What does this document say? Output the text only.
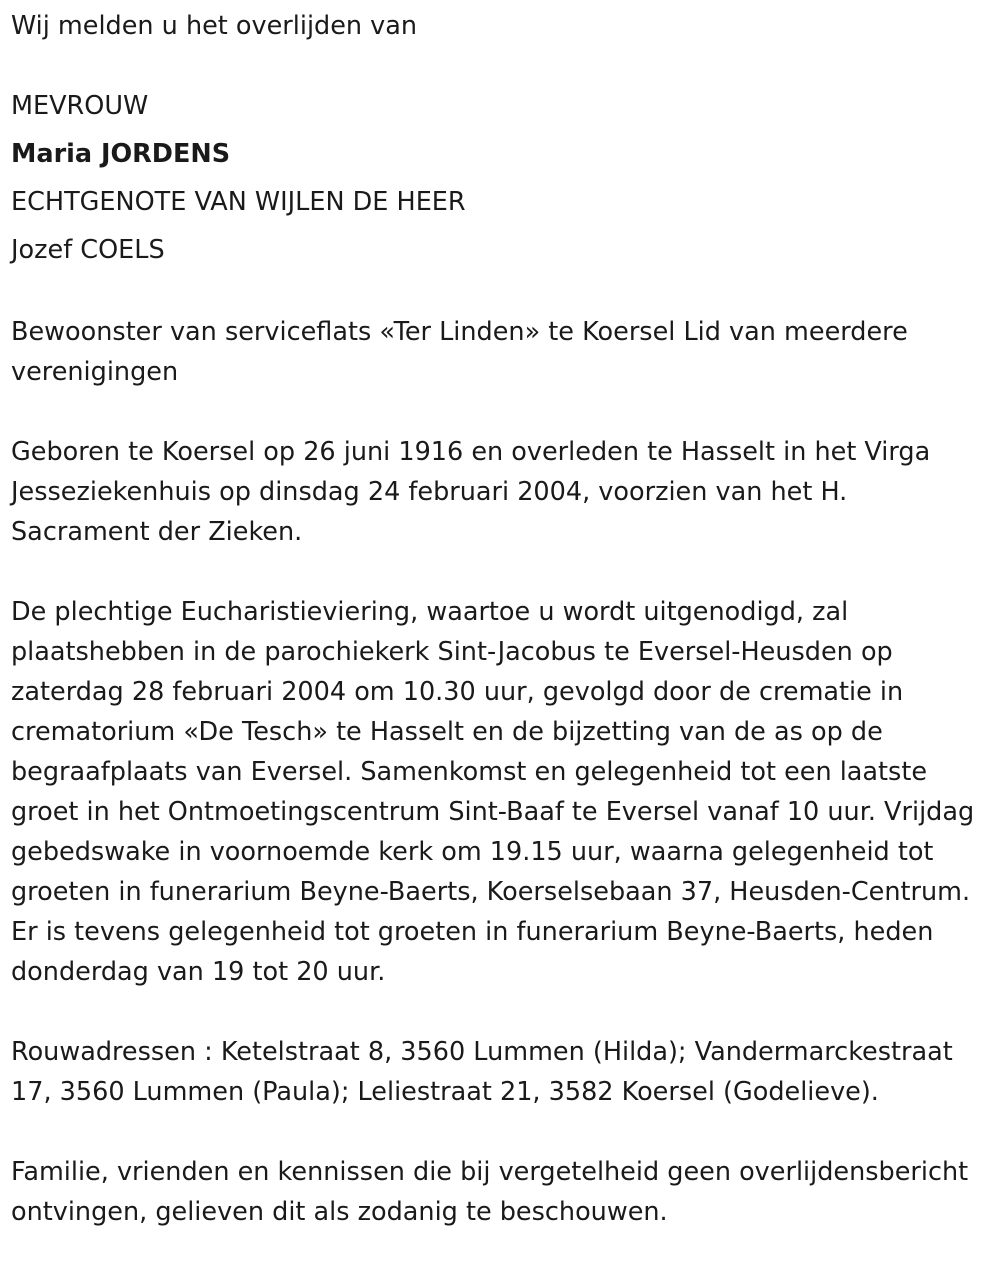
Wij melden u het overlijden van

MEVROUW
Maria JORDENS
ECHTGENOTE VAN WIJLEN DE HEER
Jozef COELS

Bewoonster van serviceflats «Ter Linden» te Koersel Lid van meerdere verenigingen

Geboren te Koersel op 26 juni 1916 en overleden te Hasselt in het Virga Jesseziekenhuis op dinsdag 24 februari 2004, voorzien van het H. Sacrament der Zieken.

De plechtige Eucharistieviering, waartoe u wordt uitgenodigd, zal plaatshebben in de parochiekerk Sint-Jacobus te Eversel-Heusden op zaterdag 28 februari 2004 om 10.30 uur, gevolgd door de crematie in crematorium «De Tesch» te Hasselt en de bijzetting van de as op de begraafplaats van Eversel. Samenkomst en gelegenheid tot een laatste groet in het Ontmoetingscentrum Sint-Baaf te Eversel vanaf 10 uur. Vrijdag gebedswake in voornoemde kerk om 19.15 uur, waarna gelegenheid tot groeten in funerarium Beyne-Baerts, Koerselsebaan 37, Heusden-Centrum. Er is tevens gelegenheid tot groeten in funerarium Beyne-Baerts, heden donderdag van 19 tot 20 uur.

Rouwadressen : Ketelstraat 8, 3560 Lummen (Hilda); Vandermarckestraat 17, 3560 Lummen (Paula); Leliestraat 21, 3582 Koersel (Godelieve).

Familie, vrienden en kennissen die bij vergetelheid geen overlijdensbericht ontvingen, gelieven dit als zodanig te beschouwen.
